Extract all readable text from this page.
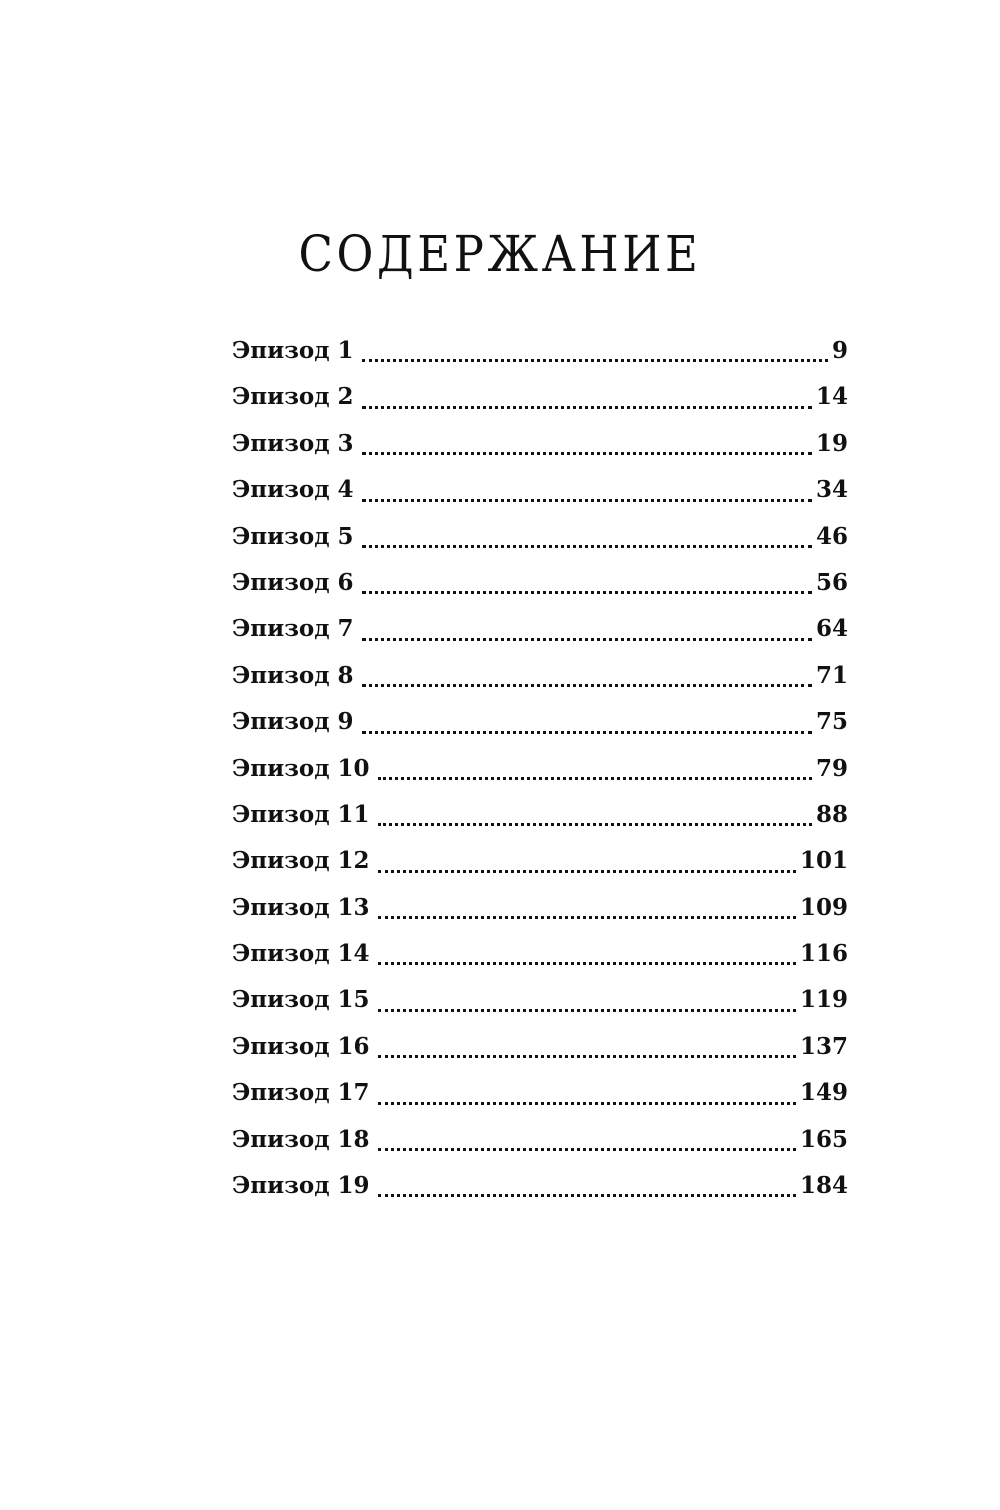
СОДЕРЖАНИЕ
Эпизод 1	9
Эпизод 2	14
Эпизод 3	19
Эпизод 4	34
Эпизод 5	46
Эпизод 6	56
Эпизод 7	64
Эпизод 8	71
Эпизод 9	75
Эпизод 10	79
Эпизод 11	88
Эпизод 12	101
Эпизод 13	109
Эпизод 14	116
Эпизод 15	119
Эпизод 16	137
Эпизод 17	149
Эпизод 18	165
Эпизод 19	184
